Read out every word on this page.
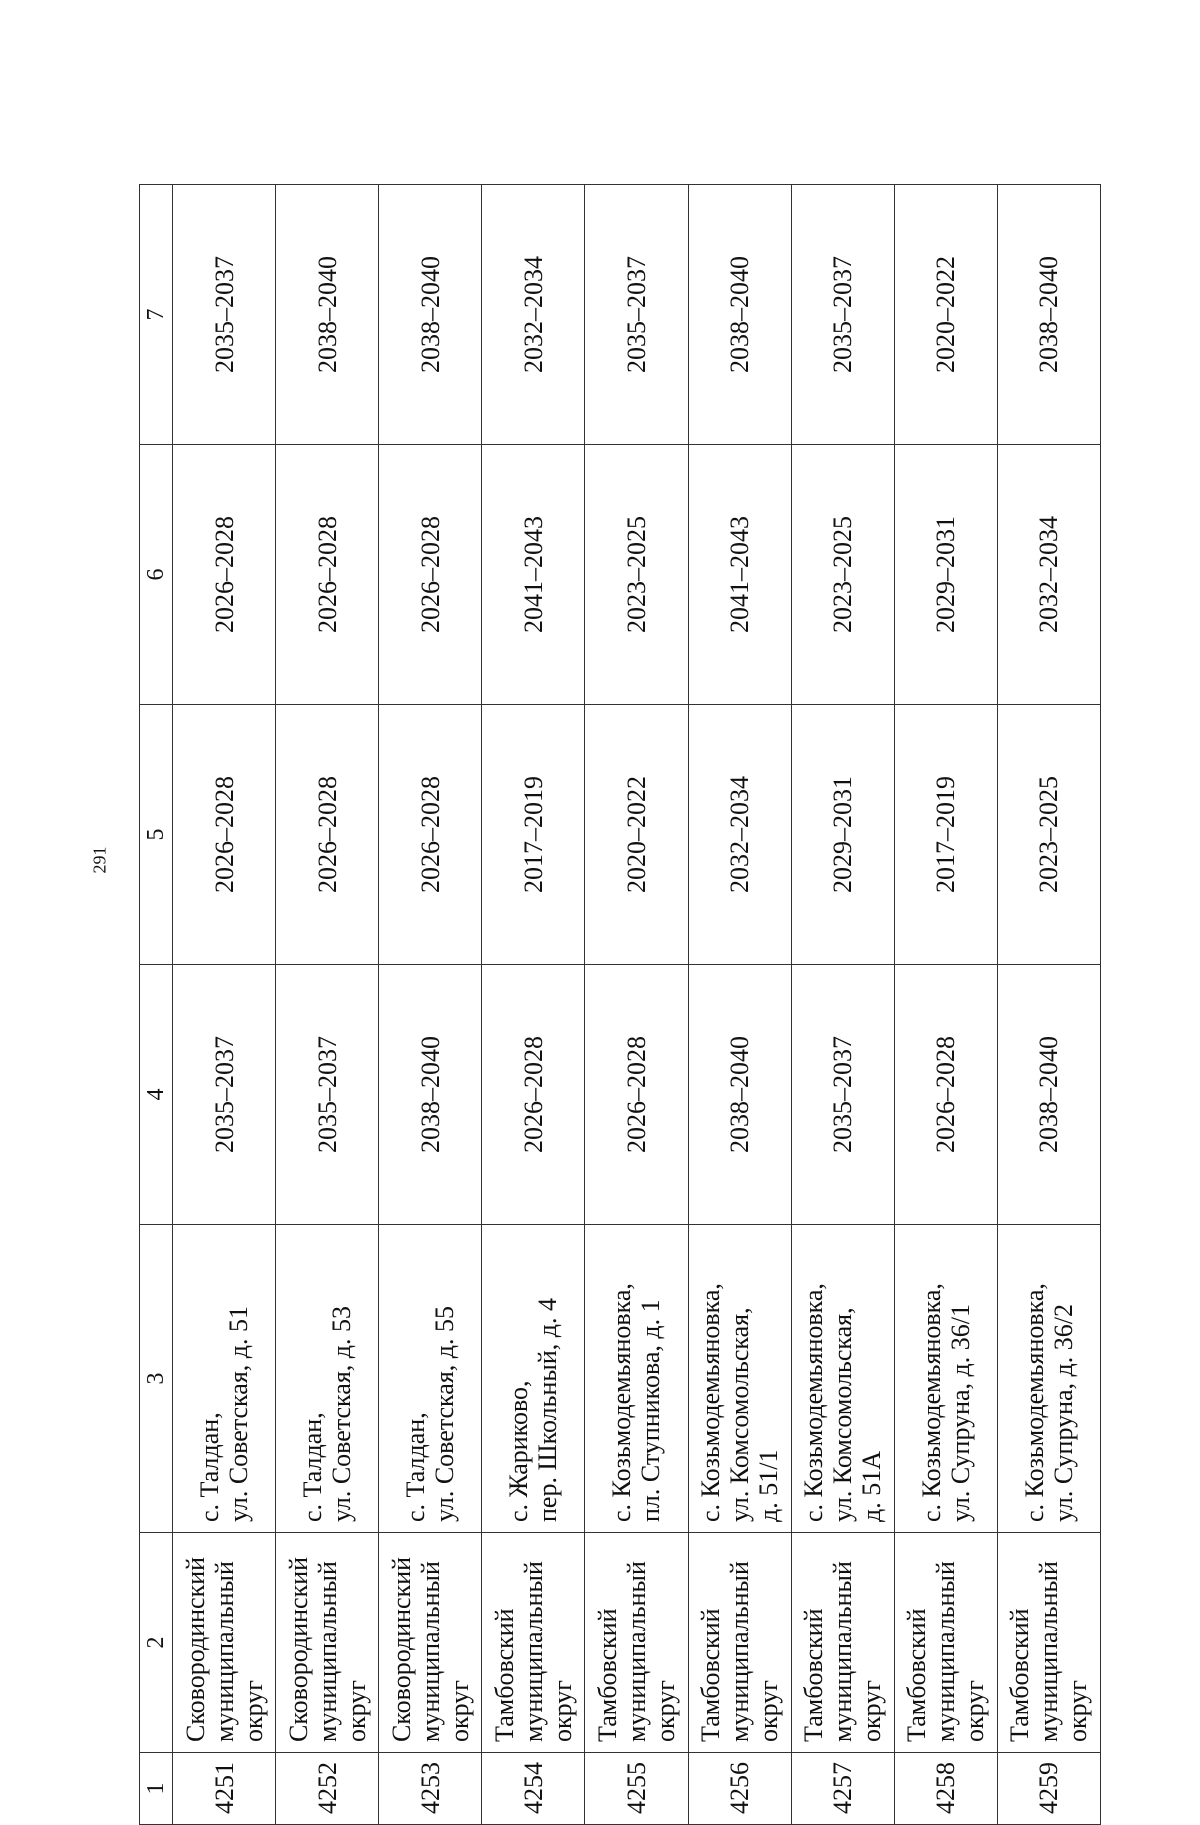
291
1	2	3	4	5	6	7
4251	Сковородинский муниципальный округ	с. Талдан, ул. Советская, д. 51	2035–2037	2026–2028	2026–2028	2035–2037
4252	Сковородинский муниципальный округ	с. Талдан, ул. Советская, д. 53	2035–2037	2026–2028	2026–2028	2038–2040
4253	Сковородинский муниципальный округ	с. Талдан, ул. Советская, д. 55	2038–2040	2026–2028	2026–2028	2038–2040
4254	Тамбовский муниципальный округ	с. Жариково, пер. Школьный, д. 4	2026–2028	2017–2019	2041–2043	2032–2034
4255	Тамбовский муниципальный округ	с. Козьмодемьяновка, пл. Ступникова, д. 1	2026–2028	2020–2022	2023–2025	2035–2037
4256	Тамбовский муниципальный округ	с. Козьмодемьяновка, ул. Комсомольская, д. 51/1	2038–2040	2032–2034	2041–2043	2038–2040
4257	Тамбовский муниципальный округ	с. Козьмодемьяновка, ул. Комсомольская, д. 51А	2035–2037	2029–2031	2023–2025	2035–2037
4258	Тамбовский муниципальный округ	с. Козьмодемьяновка, ул. Супруна, д. 36/1	2026–2028	2017–2019	2029–2031	2020–2022
4259	Тамбовский муниципальный округ	с. Козьмодемьяновка, ул. Супруна, д. 36/2	2038–2040	2023–2025	2032–2034	2038–2040
